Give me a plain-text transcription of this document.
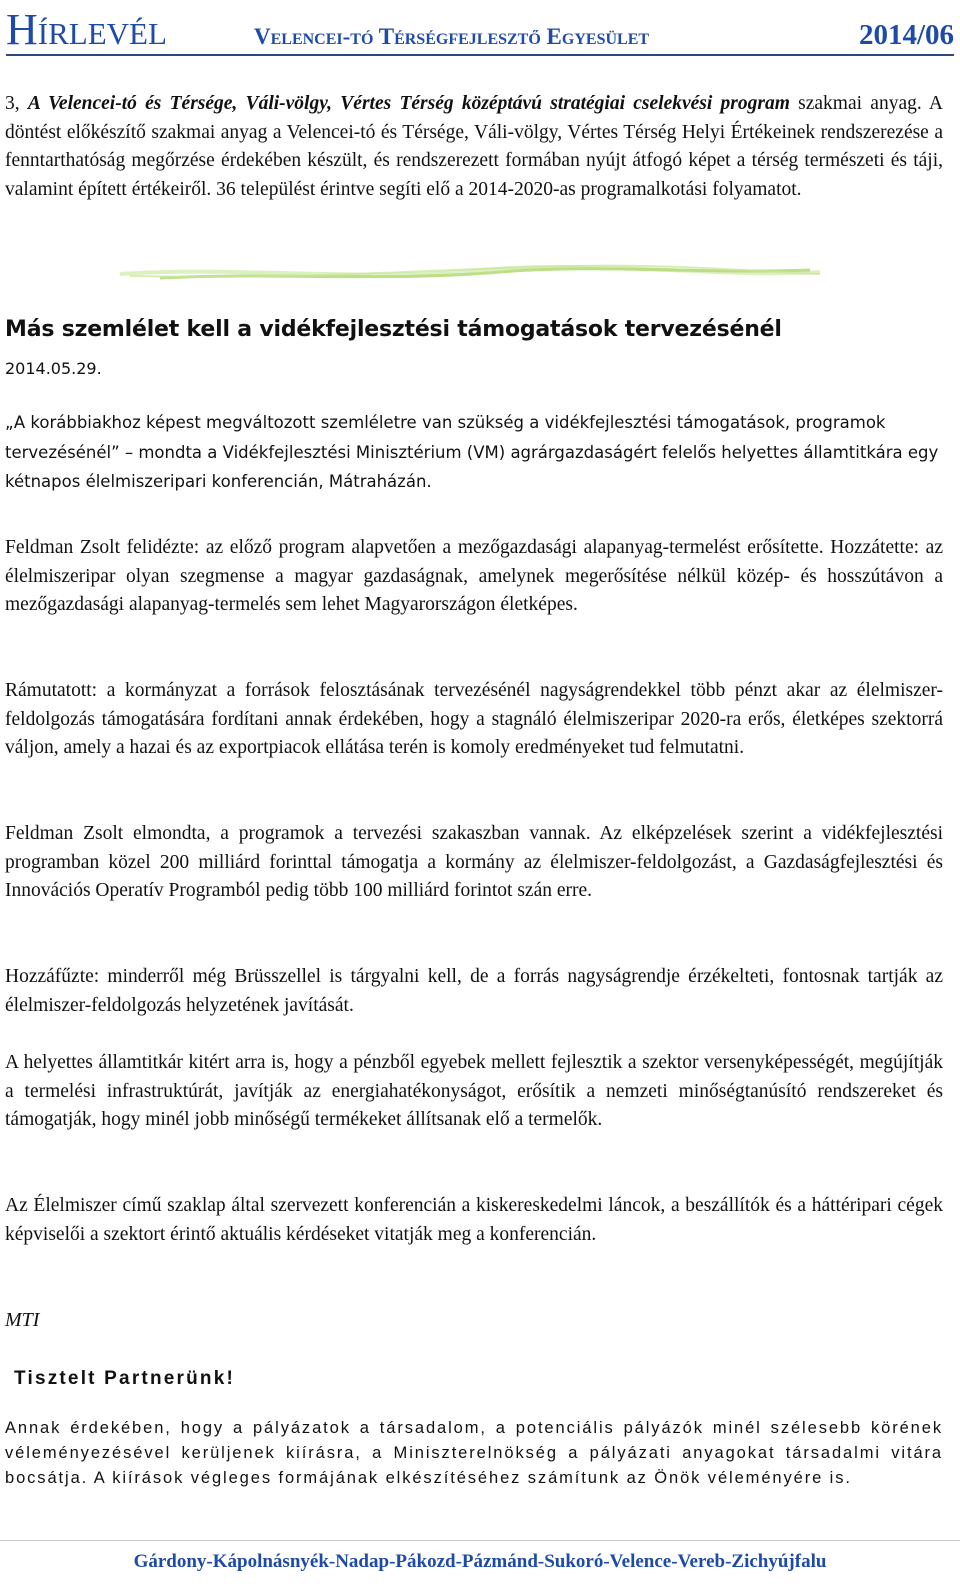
Hírlevél	Velencei-tó Térségfejlesztő Egyesület	2014/06
3, A Velencei-tó és Térsége, Váli-völgy, Vértes Térség középtávú stratégiai cselekvési program szakmai anyag. A döntést előkészítő szakmai anyag a Velencei-tó és Térsége, Váli-völgy, Vértes Térség Helyi Értékeinek rendszerezése a fenntarthatóság megőrzése érdekében készült, és rendszerezett formában nyújt átfogó képet a térség természeti és táji, valamint épített értékeiről. 36 települést érintve segíti elő a 2014-2020-as programalkotási folyamatot.
Más szemlélet kell a vidékfejlesztési támogatások tervezésénél
2014.05.29.
„A korábbiakhoz képest megváltozott szemléletre van szükség a vidékfejlesztési támogatások, programok tervezésénél” – mondta a Vidékfejlesztési Minisztérium (VM) agrárgazdaságért felelős helyettes államtitkára egy kétnapos élelmiszeripari konferencián, Mátraházán.
Feldman Zsolt felidézte: az előző program alapvetően a mezőgazdasági alapanyag-termelést erősítette. Hozzátette: az élelmiszeripar olyan szegmense a magyar gazdaságnak, amelynek megerősítése nélkül közép- és hosszútávon a mezőgazdasági alapanyag-termelés sem lehet Magyarországon életképes.
Rámutatott: a kormányzat a források felosztásának tervezésénél nagyságrendekkel több pénzt akar az élelmiszer-feldolgozás támogatására fordítani annak érdekében, hogy a stagnáló élelmiszeripar 2020-ra erős, életképes szektorrá váljon, amely a hazai és az exportpiacok ellátása terén is komoly eredményeket tud felmutatni.
Feldman Zsolt elmondta, a programok a tervezési szakaszban vannak. Az elképzelések szerint a vidékfejlesztési programban közel 200 milliárd forinttal támogatja a kormány az élelmiszer-feldolgozást, a Gazdaságfejlesztési és Innovációs Operatív Programból pedig több 100 milliárd forintot szán erre.
Hozzáfűzte: minderről még Brüsszellel is tárgyalni kell, de a forrás nagyságrendje érzékelteti, fontosnak tartják az élelmiszer-feldolgozás helyzetének javítását.
A helyettes államtitkár kitért arra is, hogy a pénzből egyebek mellett fejlesztik a szektor versenyképességét, megújítják a termelési infrastruktúrát, javítják az energiahatékonyságot, erősítik a nemzeti minőségtanúsító rendszereket és támogatják, hogy minél jobb minőségű termékeket állítsanak elő a termelők.
Az Élelmiszer című szaklap által szervezett konferencián a kiskereskedelmi láncok, a beszállítók és a háttéripari cégek képviselői a szektort érintő aktuális kérdéseket vitatják meg a konferencián.
MTI
Tisztelt Partnerünk!
Annak érdekében, hogy a pályázatok a társadalom, a potenciális pályázók minél szélesebb körének véleményezésével kerüljenek kiírásra, a Miniszterelnökség a pályázati anyagokat társadalmi vitára bocsátja. A kiírások végleges formájának elkészítéséhez számítunk az Önök véleményére is.
Gárdony-Kápolnásnyék-Nadap-Pákozd-Pázmánd-Sukoró-Velence-Vereb-Zichyújfalu
